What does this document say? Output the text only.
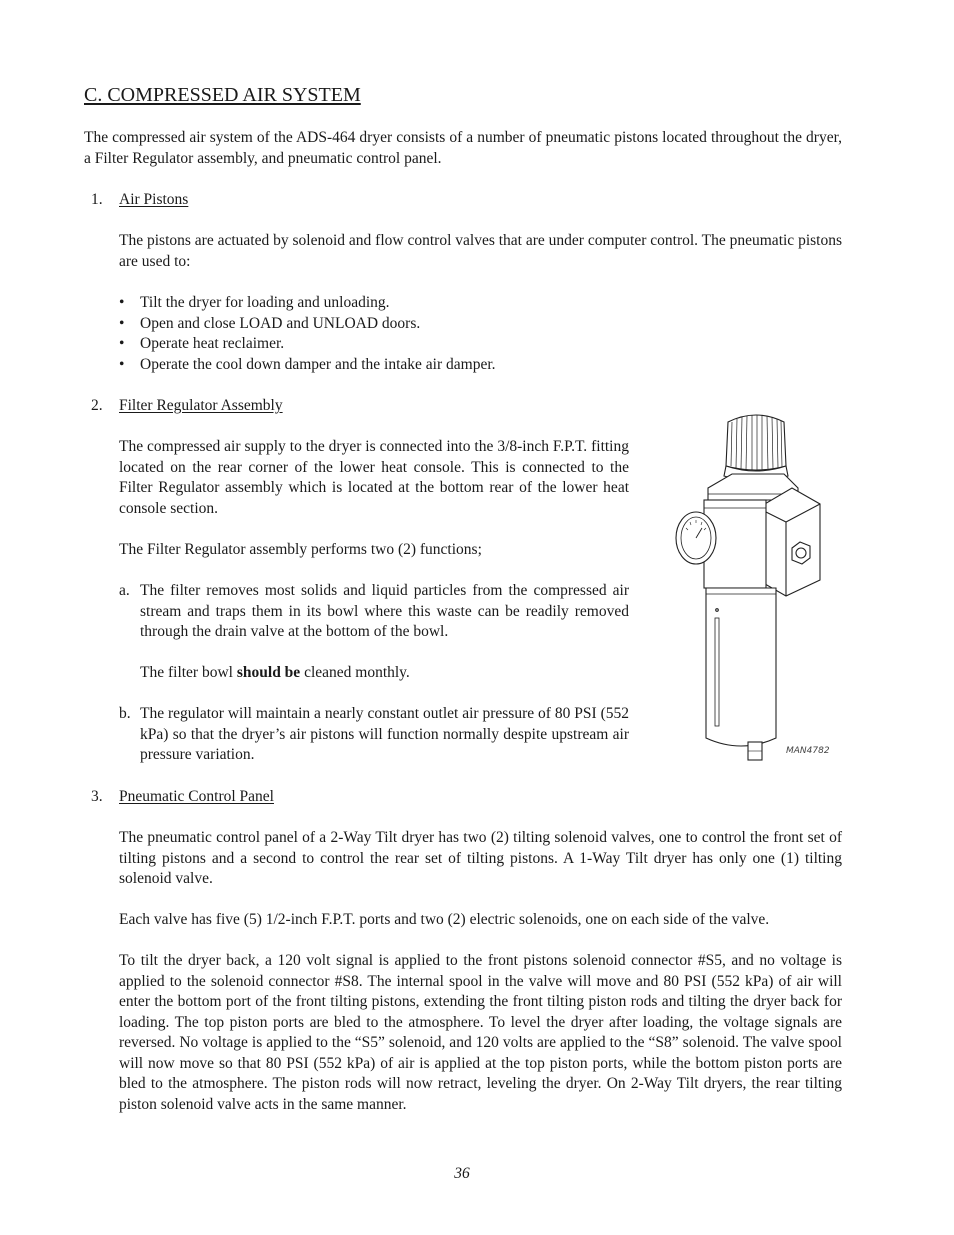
C. COMPRESSED AIR SYSTEM
The compressed air system of the ADS-464 dryer consists of a number of pneumatic pistons located throughout the dryer, a Filter Regulator assembly, and pneumatic control panel.
1. Air Pistons
The pistons are actuated by solenoid and flow control valves that are under computer control. The pneumatic pistons are used to:
• Tilt the dryer for loading and unloading.
• Open and close LOAD and UNLOAD doors.
• Operate heat reclaimer.
• Operate the cool down damper and the intake air damper.
2. Filter Regulator Assembly
The compressed air supply to the dryer is connected into the 3/8-inch F.P.T. fitting located on the rear corner of the lower heat console. This is connected to the Filter Regulator assembly which is located at the bottom rear of the lower heat console section.
The Filter Regulator assembly performs two (2) functions;
a. The filter removes most solids and liquid particles from the compressed air stream and traps them in its bowl where this waste can be readily removed through the drain valve at the bottom of the bowl.
The filter bowl should be cleaned monthly.
b. The regulator will maintain a nearly constant outlet air pressure of 80 PSI (552 kPa) so that the dryer’s air pistons will function normally despite upstream air pressure variation.	MAN4782
3. Pneumatic Control Panel
The pneumatic control panel of a 2-Way Tilt dryer has two (2) tilting solenoid valves, one to control the front set of tilting pistons and a second to control the rear set of tilting pistons. A 1-Way Tilt dryer has only one (1) tilting solenoid valve.
Each valve has five (5) 1/2-inch F.P.T. ports and two (2) electric solenoids, one on each side of the valve.
To tilt the dryer back, a 120 volt signal is applied to the front pistons solenoid connector #S5, and no voltage is applied to the solenoid connector #S8. The internal spool in the valve will move and 80 PSI (552 kPa) of air will enter the bottom port of the front tilting pistons, extending the front tilting piston rods and tilting the dryer back for loading. The top piston ports are bled to the atmosphere. To level the dryer after loading, the voltage signals are reversed. No voltage is applied to the “S5” solenoid, and 120 volts are applied to the “S8” solenoid. The valve spool will now move so that 80 PSI (552 kPa) of air is applied at the top piston ports, while the bottom piston ports are bled to the atmosphere. The piston rods will now retract, leveling the dryer. On 2-Way Tilt dryers, the rear tilting piston solenoid valve acts in the same manner.
36
